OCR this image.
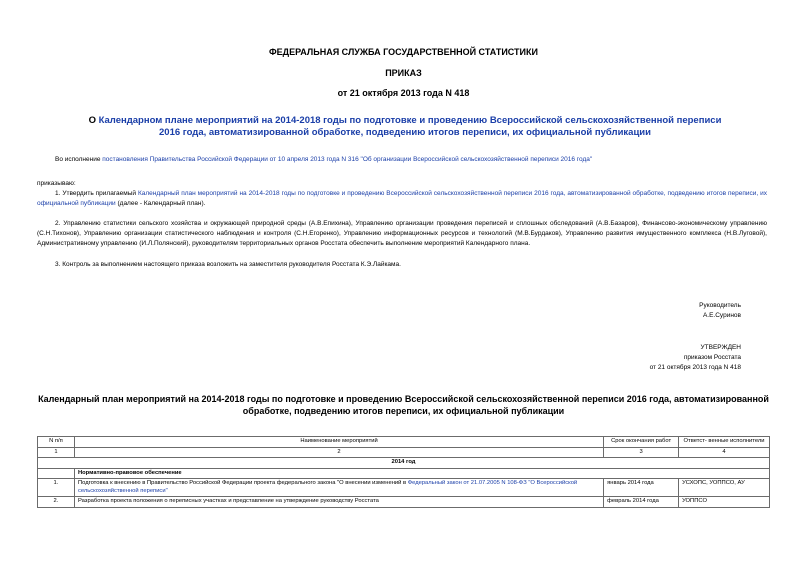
ФЕДЕРАЛЬНАЯ СЛУЖБА ГОСУДАРСТВЕННОЙ СТАТИСТИКИ
ПРИКАЗ
от 21 октября 2013 года N 418
О Календарном плане мероприятий на 2014-2018 годы по подготовке и проведению Всероссийской сельскохозяйственной переписи 2016 года, автоматизированной обработке, подведению итогов переписи, их официальной публикации
Во исполнение постановления Правительства Российской Федерации от 10 апреля 2013 года N 316 "Об организации Всероссийской сельскохозяйственной переписи 2016 года"
приказываю:
1. Утвердить прилагаемый Календарный план мероприятий на 2014-2018 годы по подготовке и проведению Всероссийской сельскохозяйственной переписи 2016 года, автоматизированной обработке, подведению итогов переписи, их официальной публикации (далее - Календарный план).
2. Управлению статистики сельского хозяйства и окружающей природной среды (А.В.Епихина), Управлению организации проведения переписей и сплошных обследований (А.В.Базаров), Финансово-экономическому управлению (С.Н.Тихонов), Управлению организации статистического наблюдения и контроля (С.Н.Егоренко), Управлению информационных ресурсов и технологий (М.В.Бурдаков), Управлению развития имущественного комплекса (Н.В.Луговой), Административному управлению (И.Л.Полянский), руководителям территориальных органов Росстата обеспечить выполнение мероприятий Календарного плана.
3. Контроль за выполнением настоящего приказа возложить на заместителя руководителя Росстата К.Э.Лайкама.
Руководитель
А.Е.Суринов
УТВЕРЖДЕН
приказом Росстата
от 21 октября 2013 года N 418
Календарный план мероприятий на 2014-2018 годы по подготовке и проведению Всероссийской сельскохозяйственной переписи 2016 года, автоматизированной обработке, подведению итогов переписи, их официальной публикации
N п/п	Наименование мероприятий	Срок окончания работ	Ответст- венные исполнители
1	2	3	4
2014 год			
	Нормативно-правовое обеспечение		
1.	Подготовка к внесению в Правительство Российской Федерации проекта федерального закона "О внесении изменений в Федеральный закон от 21.07.2005 N 108-ФЗ "О Всероссийской сельскохозяйственной переписи"	январь 2014 года	УСХОПС, УОППСО, АУ
2.	Разработка проекта положения о переписных участках и представление на утверждение руководству Росстата	февраль 2014 года	УОППСО
